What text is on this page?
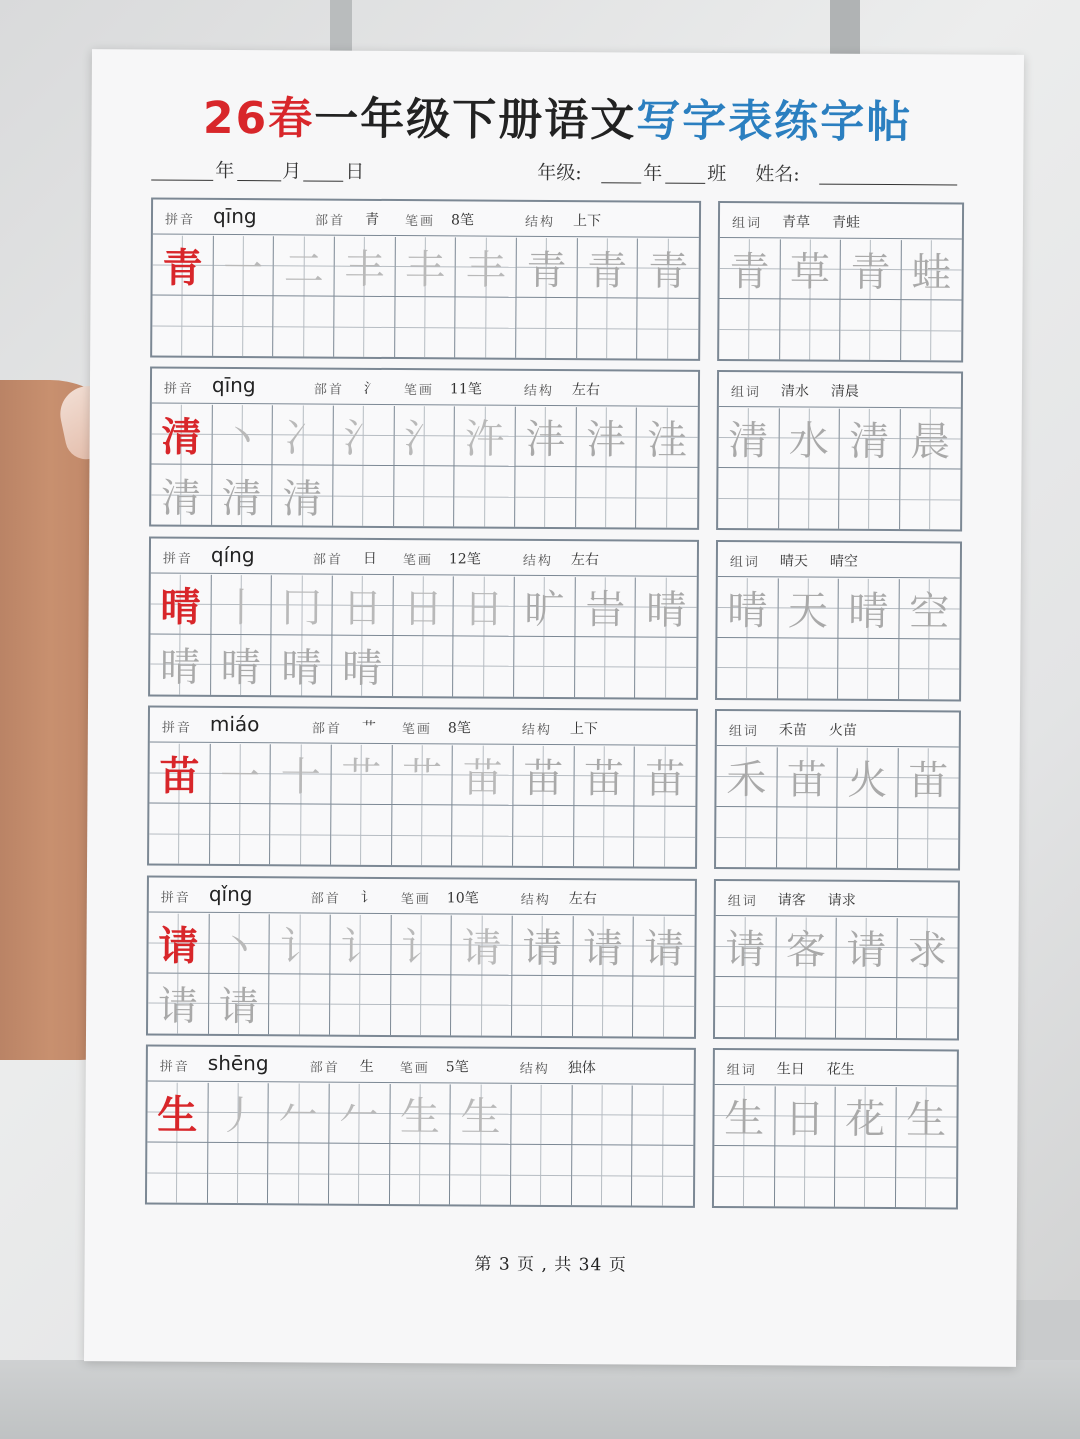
26春一年级下册语文写字表练字帖
年	月 日	年级:	年 班 姓名:
拼音 qīng	部首 青 笔画 8笔	结构 上下
青 一 二 丰 丰 丰 青 青 青
组词 青草 青蛙
青 草 青 蛙
拼音 qīng	部首 氵 笔画 11笔	结构 左右
清 丶 冫 氵 氵 汻 沣 沣 洼
清 清 清
组词 清水 清晨
清 水 清 晨
拼音 qíng	部首 日 笔画 12笔	结构 左右
晴 丨 冂 日 日 日 旷 旹 晴
晴 晴 晴 晴
组词 晴天 晴空
晴 天 晴 空
拼音 miáo	部首 艹 笔画 8笔	结构 上下
苗 一 十 艹 艹 苗 苗 苗 苗
组词 禾苗 火苗
禾 苗 火 苗
拼音 qǐng	部首 讠 笔画 10笔	结构 左右
请 丶 讠 讠 讠 请 请 请 请
请 请
组词 请客 请求
请 客 请 求
拼音 shēng	部首 生 笔画 5笔	结构 独体
生 丿 𠂉 𠂉 生 生
组词 生日 花生
生 日 花 生
第 3 页 , 共 34 页
